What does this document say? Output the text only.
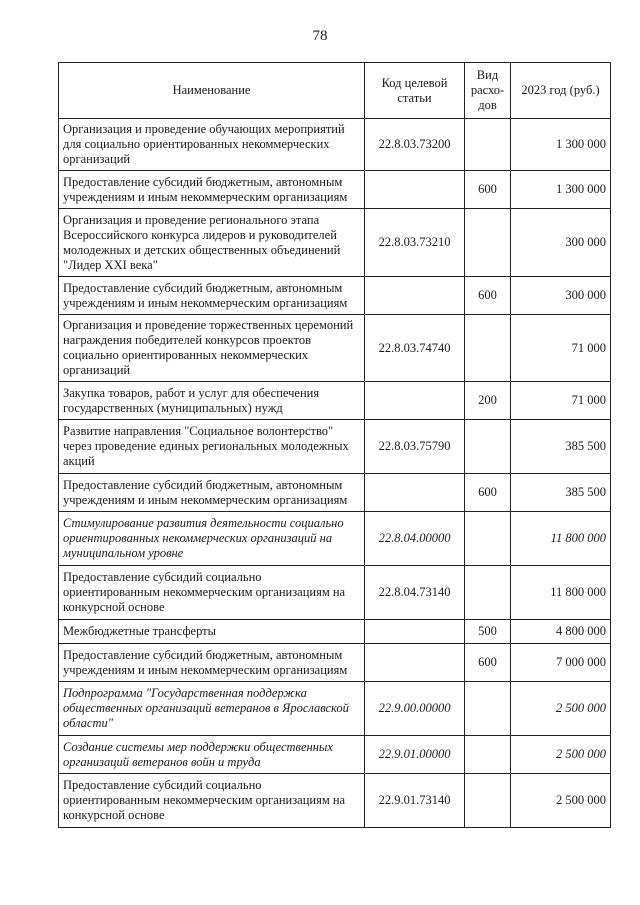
78
Наименование	Код целевой статьи	Вид расхо-дов	2023 год (руб.)
Организация и проведение обучающих мероприятий для социально ориентированных некоммерческих организаций	22.8.03.73200		1 300 000
Предоставление субсидий бюджетным, автономным учреждениям и иным некоммерческим организациям		600	1 300 000
Организация и проведение регионального этапа Всероссийского конкурса лидеров и руководителей молодежных и детских общественных объединений "Лидер XXI века"	22.8.03.73210		300 000
Предоставление субсидий бюджетным, автономным учреждениям и иным некоммерческим организациям		600	300 000
Организация и проведение торжественных церемоний награждения победителей конкурсов проектов социально ориентированных некоммерческих организаций	22.8.03.74740		71 000
Закупка товаров, работ и услуг для обеспечения государственных (муниципальных) нужд		200	71 000
Развитие направления "Социальное волонтерство" через проведение единых региональных молодежных акций	22.8.03.75790		385 500
Предоставление субсидий бюджетным, автономным учреждениям и иным некоммерческим организациям		600	385 500
Стимулирование развития деятельности социально ориентированных некоммерческих организаций на муниципальном уровне	22.8.04.00000		11 800 000
Предоставление субсидий социально ориентированным некоммерческим организациям на конкурсной основе	22.8.04.73140		11 800 000
Межбюджетные трансферты		500	4 800 000
Предоставление субсидий бюджетным, автономным учреждениям и иным некоммерческим организациям		600	7 000 000
Подпрограмма "Государственная поддержка общественных организаций ветеранов в Ярославской области"	22.9.00.00000		2 500 000
Создание системы мер поддержки общественных организаций ветеранов войн и труда	22.9.01.00000		2 500 000
Предоставление субсидий социально ориентированным некоммерческим организациям на конкурсной основе	22.9.01.73140		2 500 000
